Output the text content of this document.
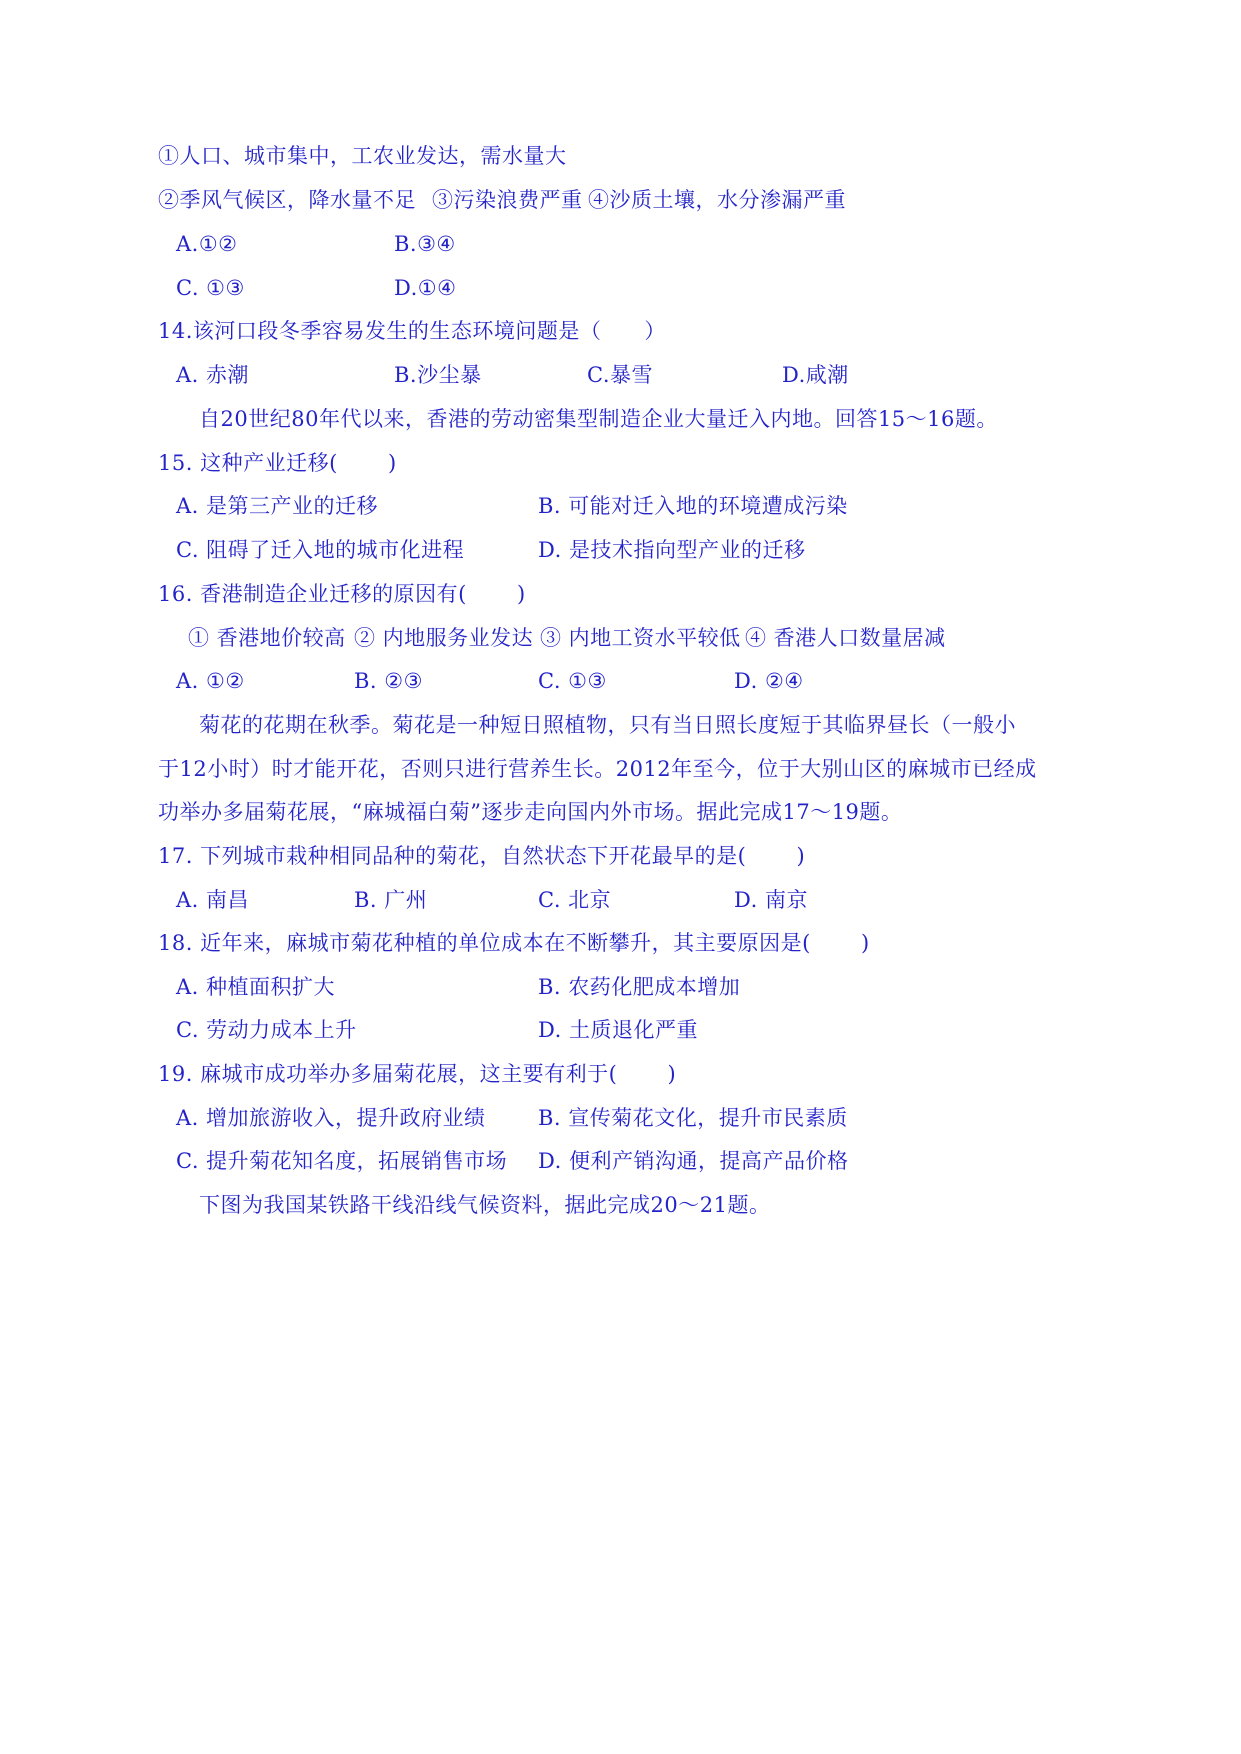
①人口、城市集中，工农业发达，需水量大
②季风气候区，降水量不足 ③污染浪费严重 ④沙质土壤，水分渗漏严重
A.①②	B.③④
C. ①③	D.①④
14.该河口段冬季容易发生的生态环境问题是（　　）
A. 赤潮	B.沙尘暴	C.暴雪	D.咸潮
自20世纪80年代以来，香港的劳动密集型制造企业大量迁入内地。回答15～16题。
15. 这种产业迁移(　　 )
A. 是第三产业的迁移	B. 可能对迁入地的环境遭成污染
C. 阻碍了迁入地的城市化进程	D. 是技术指向型产业的迁移
16. 香港制造企业迁移的原因有(　　 )
① 香港地价较高 ② 内地服务业发达 ③ 内地工资水平较低 ④ 香港人口数量居减
A. ①②	B. ②③	C. ①③	D. ②④
菊花的花期在秋季。菊花是一种短日照植物，只有当日照长度短于其临界昼长（一般小
于12小时）时才能开花，否则只进行营养生长。2012年至今，位于大别山区的麻城市已经成
功举办多届菊花展，“麻城福白菊”逐步走向国内外市场。据此完成17～19题。
17. 下列城市栽种相同品种的菊花，自然状态下开花最早的是(　　 )
A. 南昌	B. 广州	C. 北京	D. 南京
18. 近年来，麻城市菊花种植的单位成本在不断攀升，其主要原因是(　　 )
A. 种植面积扩大	B. 农药化肥成本增加
C. 劳动力成本上升	D. 土质退化严重
19. 麻城市成功举办多届菊花展，这主要有利于(　　 )
A. 增加旅游收入，提升政府业绩 B. 宣传菊花文化，提升市民素质
C. 提升菊花知名度，拓展销售市场 D. 便利产销沟通，提高产品价格
下图为我国某铁路干线沿线气候资料，据此完成20～21题。
